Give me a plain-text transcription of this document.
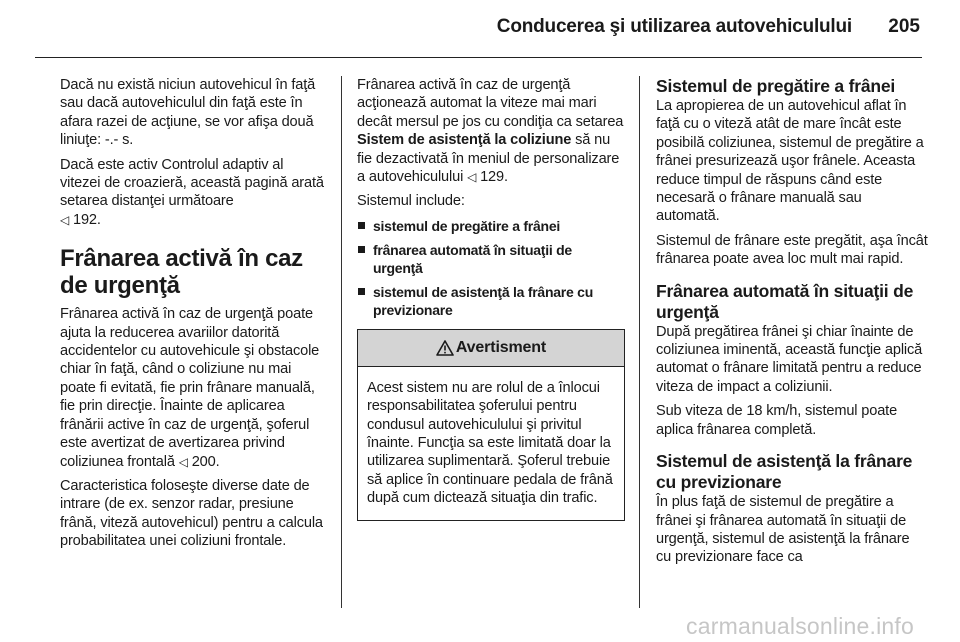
Conducerea şi utilizarea autovehiculului 205

Dacă nu există niciun autovehicul în faţă sau dacă autovehiculul din faţă este în afara razei de acţiune, se vor afişa două liniuţe: -.- s.

Dacă este activ Controlul adaptiv al vitezei de croazieră, această pagină arată setarea distanţei următoare
◁ 192.

Frânarea activă în caz de urgenţă

Frânarea activă în caz de urgenţă poate ajuta la reducerea avariilor datorită accidentelor cu autovehicule şi obstacole chiar în faţă, când o coliziune nu mai poate fi evitată, fie prin frânare manuală, fie prin direcţie. Înainte de aplicarea frânării active în caz de urgenţă, şoferul este avertizat de avertizarea privind coliziunea frontală ◁ 200.

Caracteristica foloseşte diverse date de intrare (de ex. senzor radar, presiune frână, viteză autovehicul) pentru a calcula probabilitatea unei coliziuni frontale.

Frânarea activă în caz de urgenţă acţionează automat la viteze mai mari decât mersul pe jos cu condiţia ca setarea Sistem de asistenţă la coliziune să nu fie dezactivată în meniul de personalizare a autovehiculului ◁ 129.

Sistemul include:

sistemul de pregătire a frânei
frânarea automată în situaţii de urgenţă
sistemul de asistenţă la frânare cu previzionare
Avertisment

Acest sistem nu are rolul de a înlocui responsabilitatea şoferului pentru condusul autovehiculului şi privitul înainte. Funcţia sa este limitată doar la utilizarea suplimentară. Şoferul trebuie să aplice în continuare pedala de frână după cum dictează situaţia din trafic.

Sistemul de pregătire a frânei

La apropierea de un autovehicul aflat în faţă cu o viteză atât de mare încât este posibilă coliziunea, sistemul de pregătire a frânei presurizează uşor frânele. Aceasta reduce timpul de răspuns când este necesară o frânare manuală sau automată.

Sistemul de frânare este pregătit, aşa încât frânarea poate avea loc mult mai rapid.

Frânarea automată în situaţii de urgenţă

După pregătirea frânei şi chiar înainte de coliziunea iminentă, această funcţie aplică automat o frânare limitată pentru a reduce viteza de impact a coliziunii.

Sub viteza de 18 km/h, sistemul poate aplica frânarea completă.

Sistemul de asistenţă la frânare cu previzionare

În plus faţă de sistemul de pregătire a frânei şi frânarea automată în situaţii de urgenţă, sistemul de asistenţă la frânare cu previzionare face ca

carmanualsonline.info
